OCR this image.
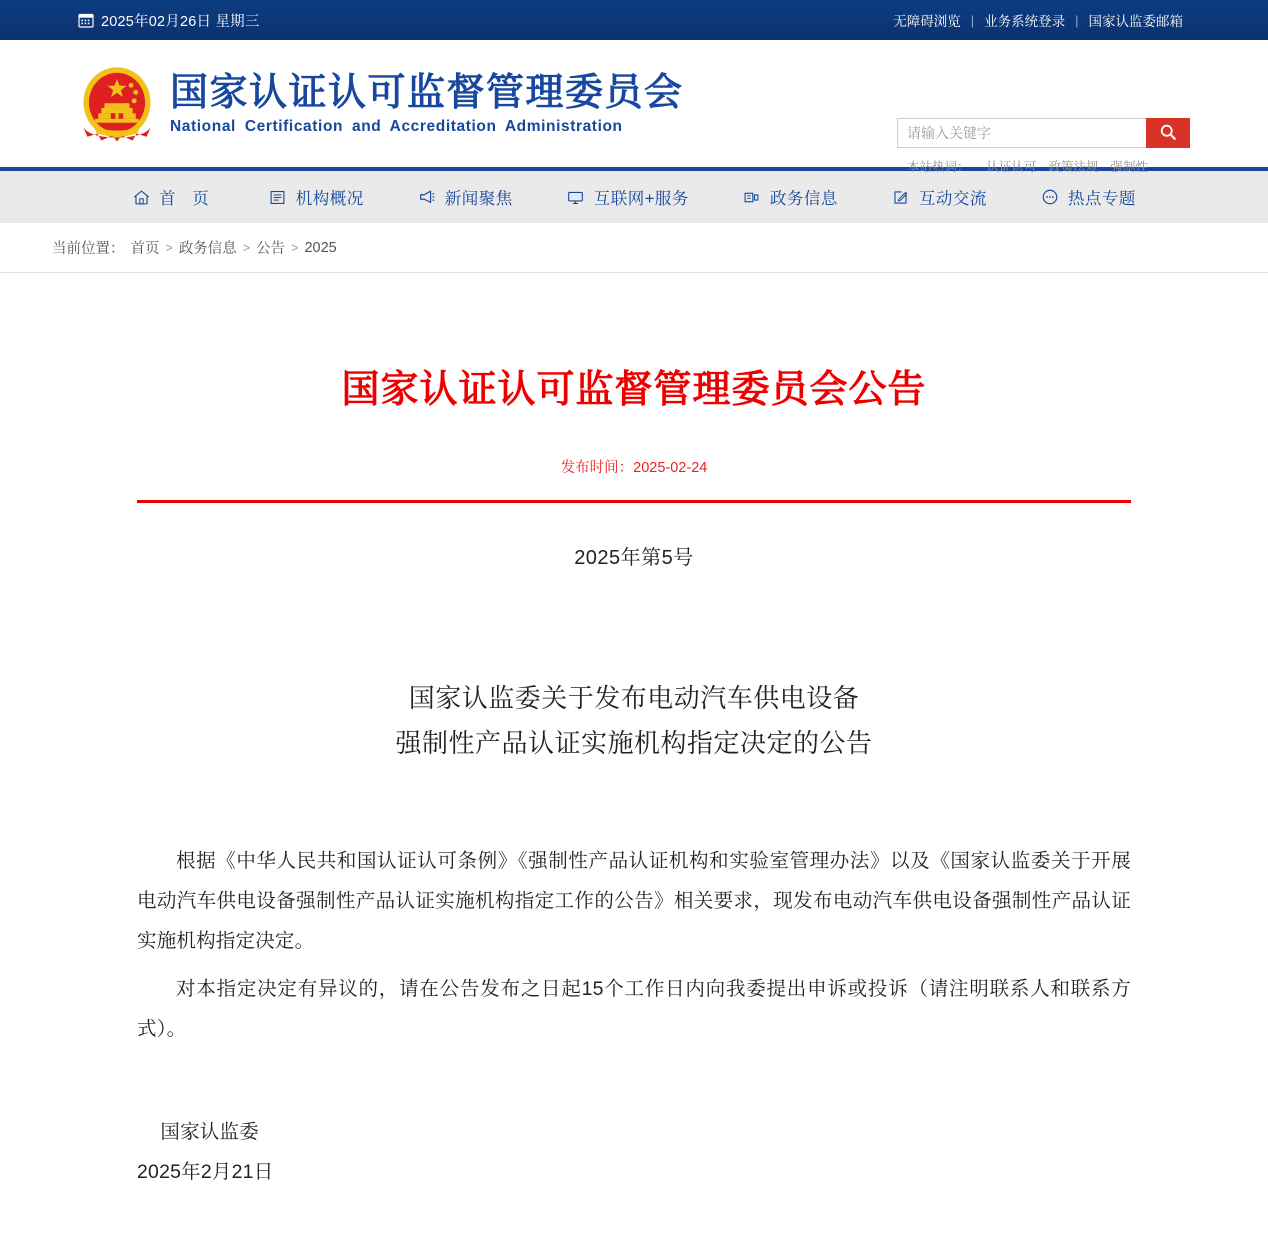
2025年02月26日 星期三	无障碍浏览 | 业务系统登录 | 国家认监委邮箱
国家认证认可监督管理委员会
National Certification and Accreditation Administration
请输入关键字
本站热词：	认证认可 政策法规 强制性
首 页	机构概况	新闻聚焦	互联网+服务	政务信息	互动交流	热点专题
当前位置： 首页 > 政务信息 > 公告 > 2025
国家认证认可监督管理委员会公告
发布时间：2025-02-24
2025年第5号
国家认监委关于发布电动汽车供电设备
强制性产品认证实施机构指定决定的公告

根据《中华人民共和国认证认可条例》《强制性产品认证机构和实验室管理办法》以及《国家认监委关于开展电动汽车供电设备强制性产品认证实施机构指定工作的公告》相关要求，现发布电动汽车供电设备强制性产品认证实施机构指定决定。

对本指定决定有异议的，请在公告发布之日起15个工作日内向我委提出申诉或投诉（请注明联系人和联系方式）。

国家认监委

2025年2月21日
